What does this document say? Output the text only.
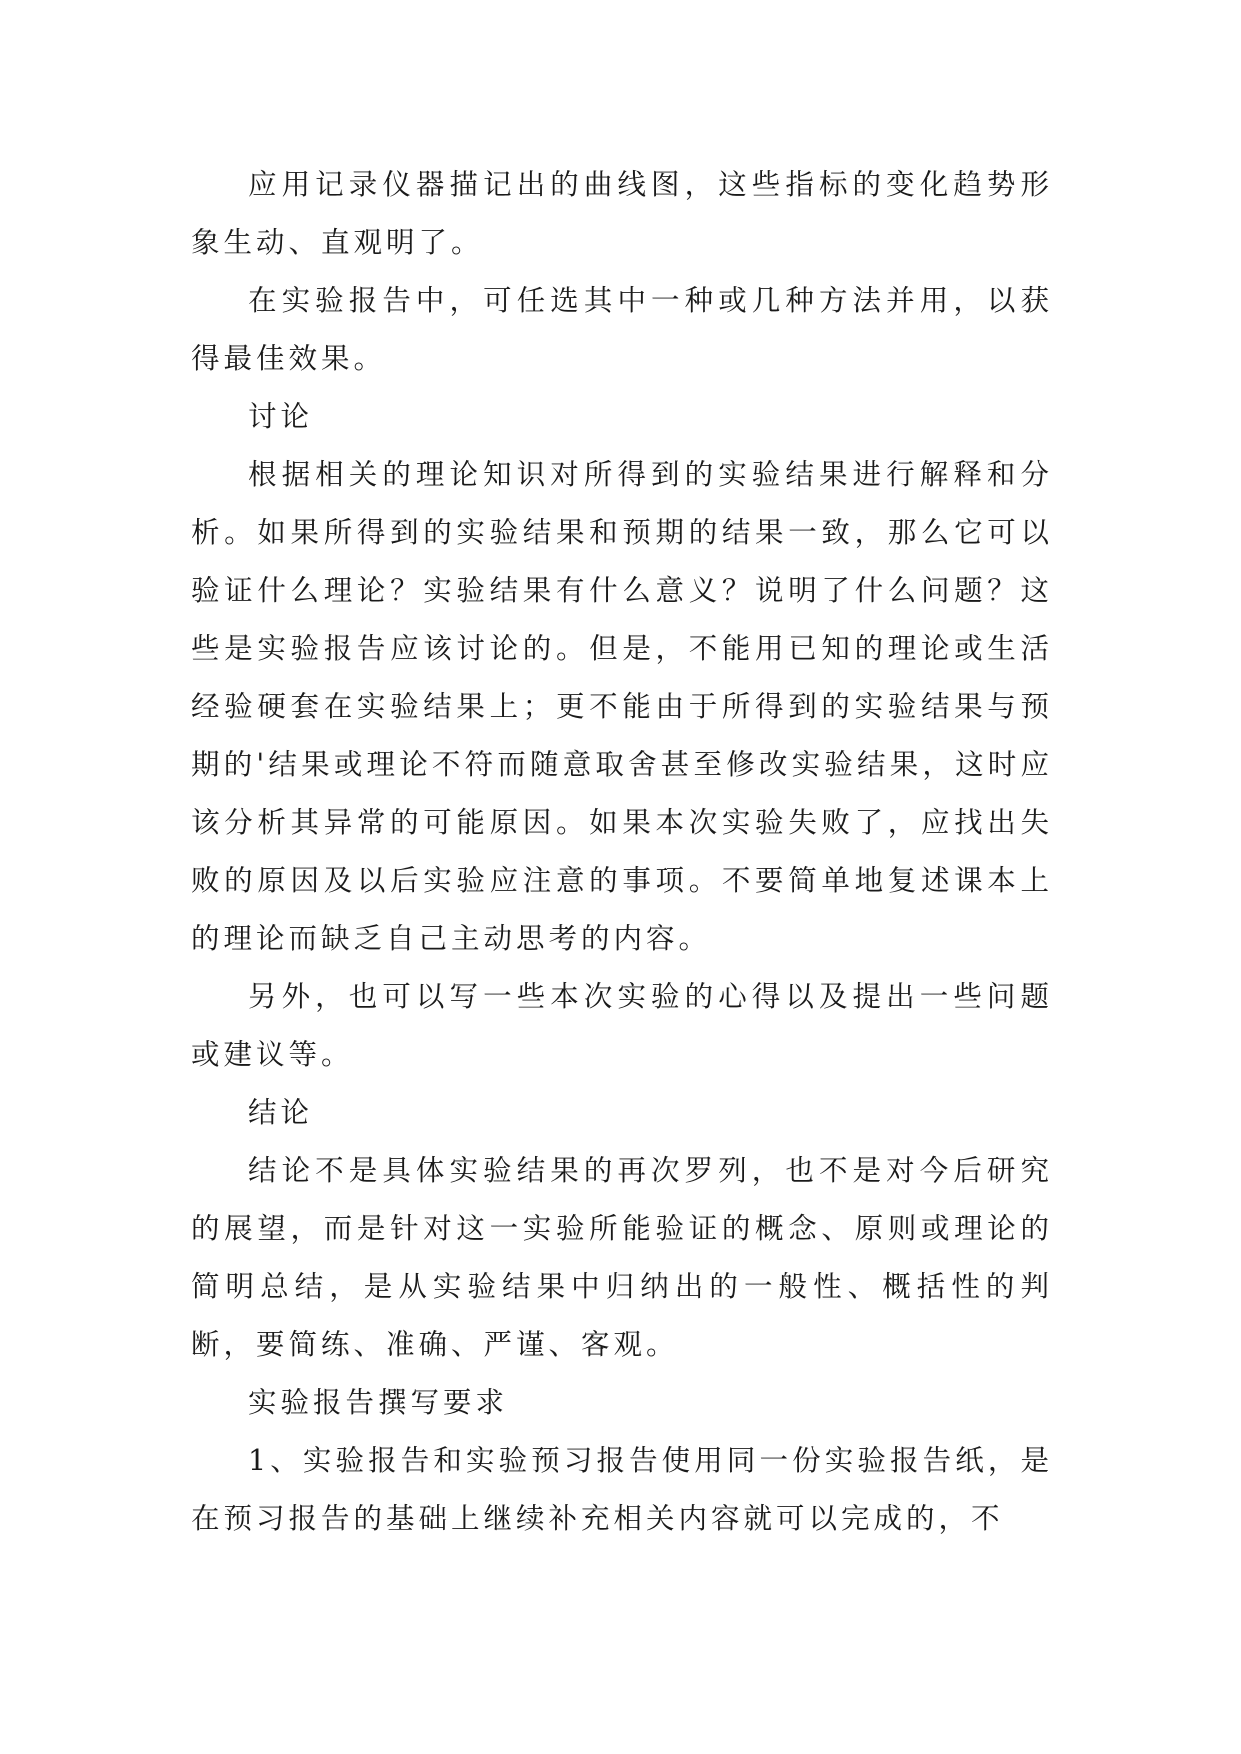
应用记录仪器描记出的曲线图，这些指标的变化趋势形象生动、直观明了。

在实验报告中，可任选其中一种或几种方法并用，以获得最佳效果。

讨论

根据相关的理论知识对所得到的实验结果进行解释和分析。如果所得到的实验结果和预期的结果一致，那么它可以验证什么理论？实验结果有什么意义？说明了什么问题？这些是实验报告应该讨论的。但是，不能用已知的理论或生活经验硬套在实验结果上；更不能由于所得到的实验结果与预期的'结果或理论不符而随意取舍甚至修改实验结果，这时应该分析其异常的可能原因。如果本次实验失败了，应找出失败的原因及以后实验应注意的事项。不要简单地复述课本上的理论而缺乏自己主动思考的内容。

另外，也可以写一些本次实验的心得以及提出一些问题或建议等。

结论

结论不是具体实验结果的再次罗列，也不是对今后研究的展望，而是针对这一实验所能验证的概念、原则或理论的简明总结，是从实验结果中归纳出的一般性、概括性的判断，要简练、准确、严谨、客观。

实验报告撰写要求

1、实验报告和实验预习报告使用同一份实验报告纸，是在预习报告的基础上继续补充相关内容就可以完成的，不
